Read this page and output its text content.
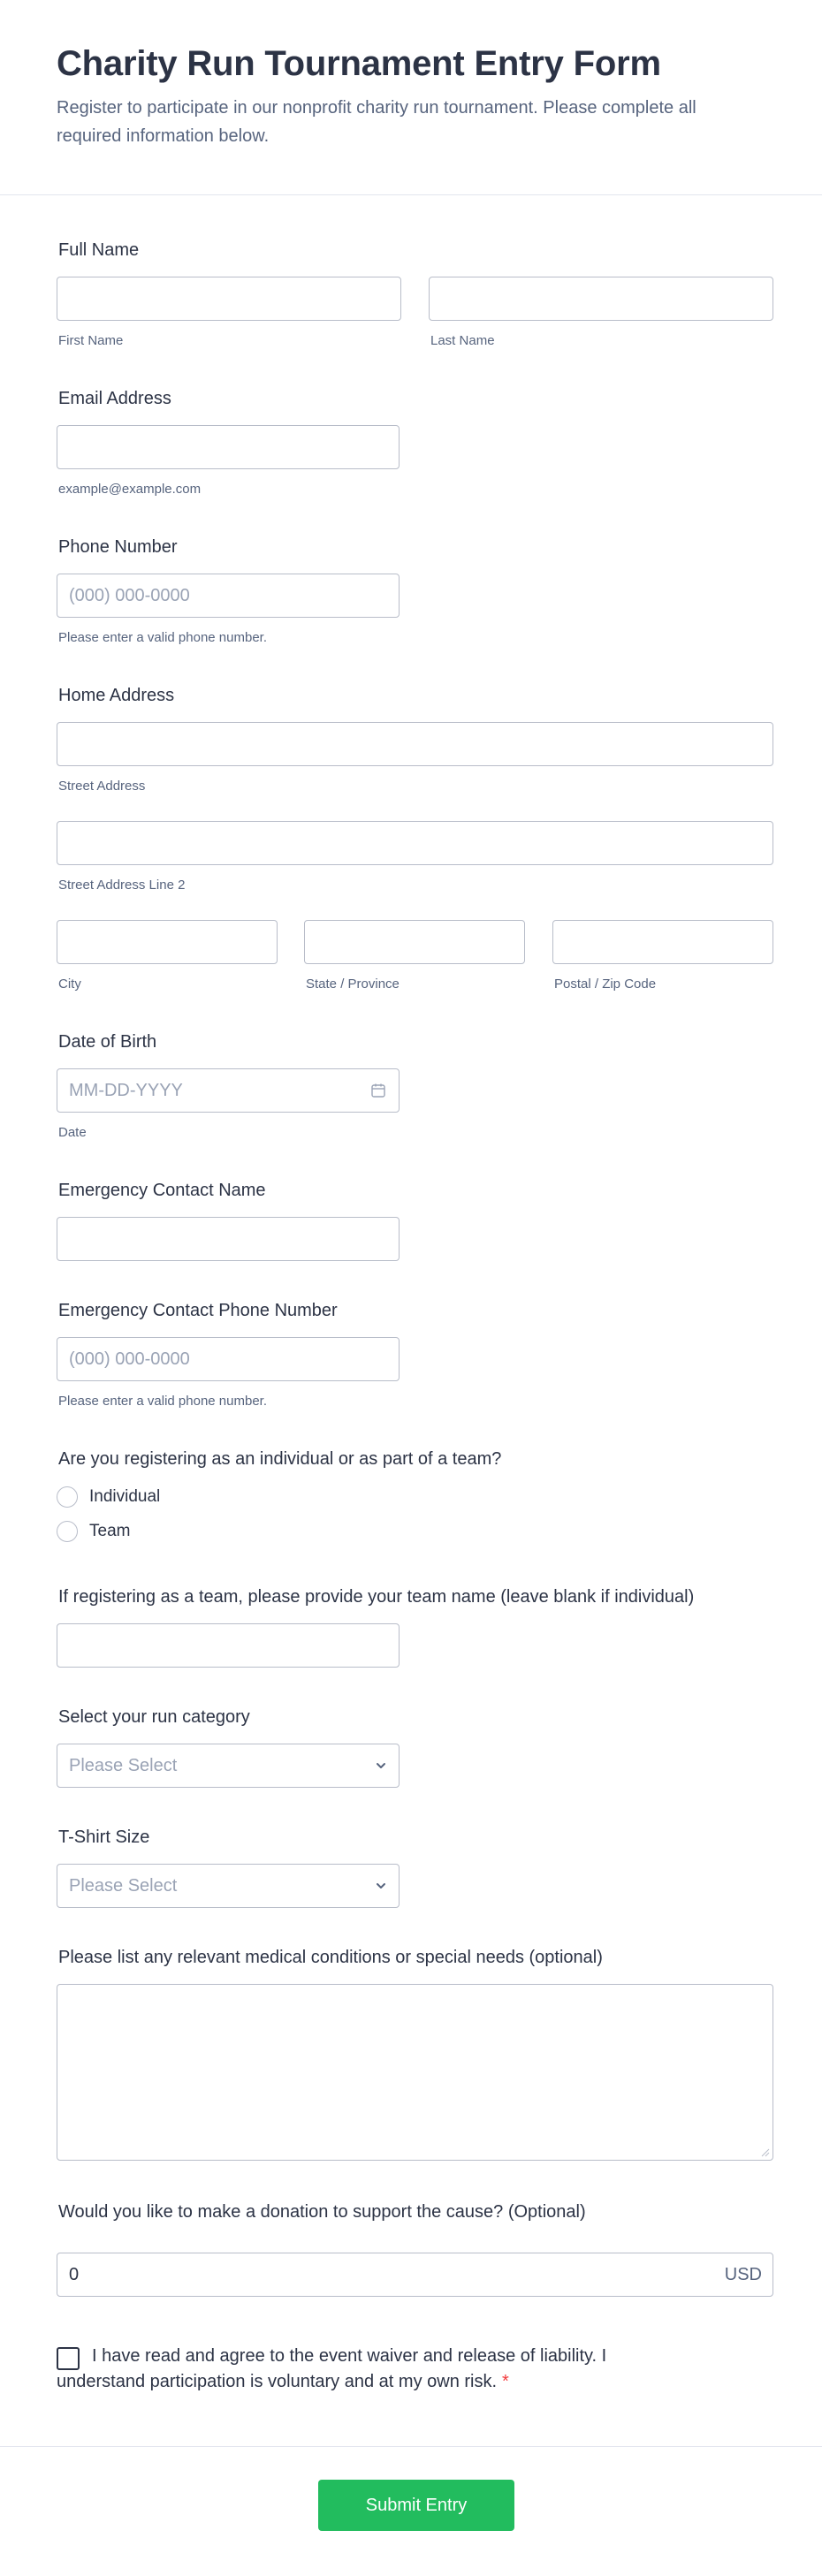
Charity Run Tournament Entry Form

Register to participate in our nonprofit charity run tournament. Please complete all required information below.

Full Name
First Name	Last Name
Email Address
example@example.com
Phone Number
(000) 000-0000
Please enter a valid phone number.
Home Address
Street Address
Street Address Line 2
City	State / Province	Postal / Zip Code
Date of Birth
MM-DD-YYYY
Date
Emergency Contact Name
Emergency Contact Phone Number
(000) 000-0000
Please enter a valid phone number.
Are you registering as an individual or as part of a team?
Individual
Team
If registering as a team, please provide your team name (leave blank if individual)
Select your run category
Please Select
T-Shirt Size
Please Select
Please list any relevant medical conditions or special needs (optional)
Would you like to make a donation to support the cause? (Optional)
0	USD
I have read and agree to the event waiver and release of liability. I understand participation is voluntary and at my own risk. *
Submit Entry
